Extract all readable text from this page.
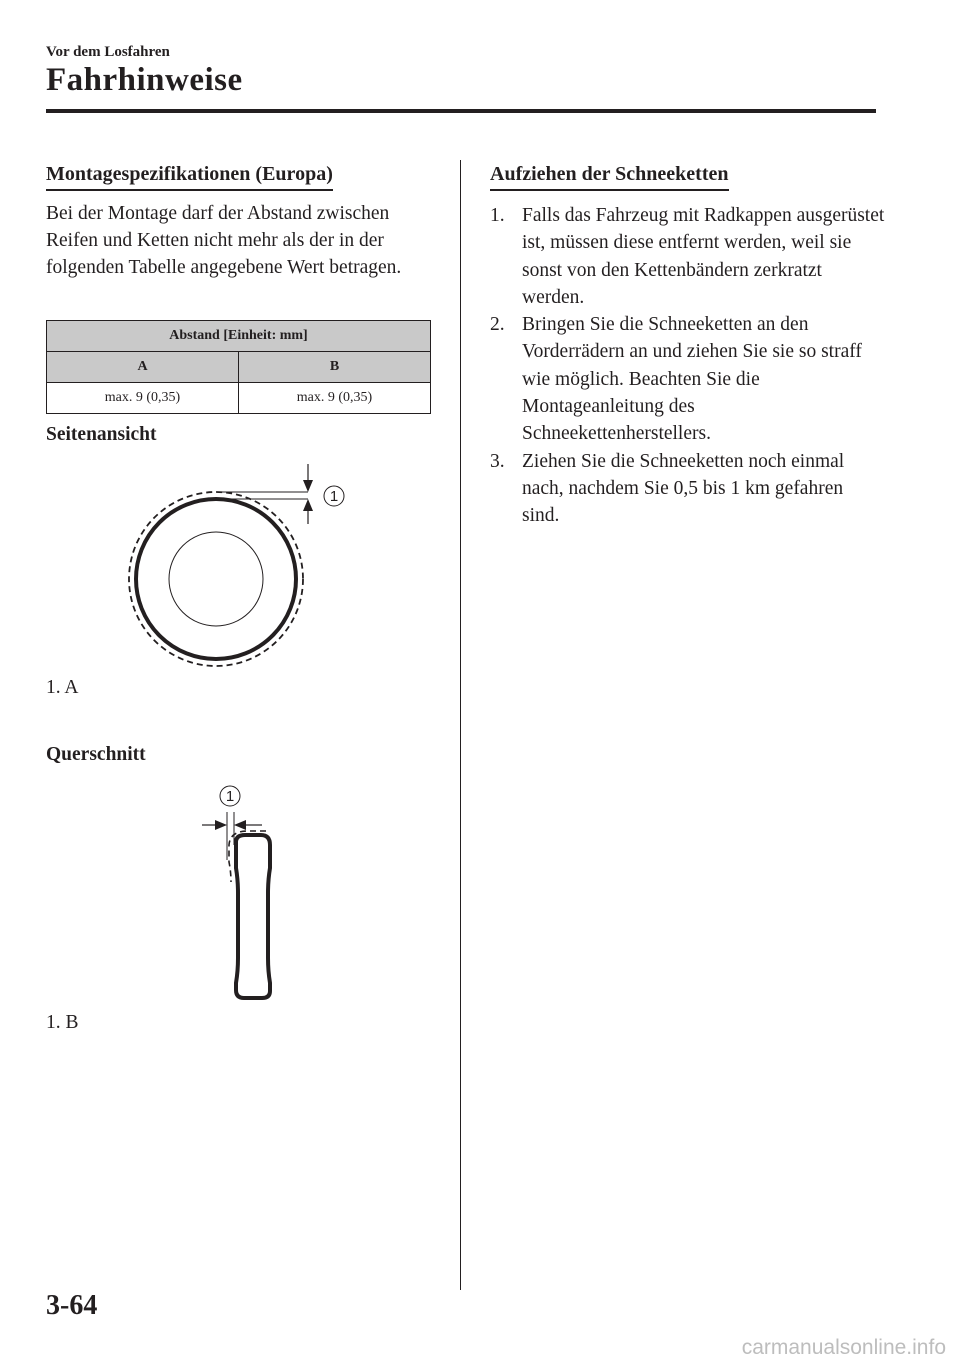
Vor dem Losfahren
Fahrhinweise
Montagespezifikationen (Europa)
Bei der Montage darf der Abstand zwischen Reifen und Ketten nicht mehr als der in der folgenden Tabelle angegebene Wert betragen.
Abstand [Einheit: mm]	
A	B
max. 9 (0,35)	max. 9 (0,35)
Seitenansicht
1
1. A
Querschnitt
1
1. B
Aufziehen der Schneeketten
1. Falls das Fahrzeug mit Radkappen ausgerüstet ist, müssen diese entfernt werden, weil sie sonst von den Kettenbändern zerkratzt werden.
2. Bringen Sie die Schneeketten an den Vorderrädern an und ziehen Sie sie so straff wie möglich. Beachten Sie die Montageanleitung des Schneekettenherstellers.
3. Ziehen Sie die Schneeketten noch einmal nach, nachdem Sie 0,5 bis 1 km gefahren sind.
3-64
carmanualsonline.info
